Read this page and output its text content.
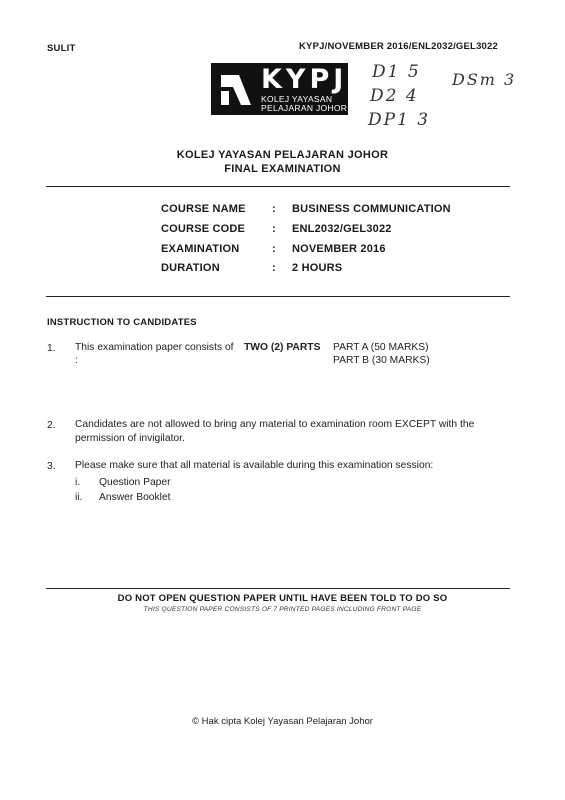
SULIT	KYPJ/NOVEMBER 2016/ENL2032/GEL3022
KYPJ
KOLEJ YAYASAN
PELAJARAN JOHOR
D1 5
D2 4
DP1 3
DSm 3
KOLEJ YAYASAN PELAJARAN JOHOR
FINAL EXAMINATION
COURSE NAME : BUSINESS COMMUNICATION
COURSE CODE : ENL2032/GEL3022
EXAMINATION	: NOVEMBER 2016
DURATION	: 2 HOURS
INSTRUCTION TO CANDIDATES
1. This examination paper consists of TWO (2) PARTS
:
PART A (50 MARKS)
PART B (30 MARKS)
2. Candidates are not allowed to bring any material to examination room EXCEPT with the
permission of invigilator.
3. Please make sure that all material is available during this examination session:
i. Question Paper
ii. Answer Booklet
DO NOT OPEN QUESTION PAPER UNTIL HAVE BEEN TOLD TO DO SO
THIS QUESTION PAPER CONSISTS OF 7 PRINTED PAGES INCLUDING FRONT PAGE
© Hak cipta Kolej Yayasan Pelajaran Johor
